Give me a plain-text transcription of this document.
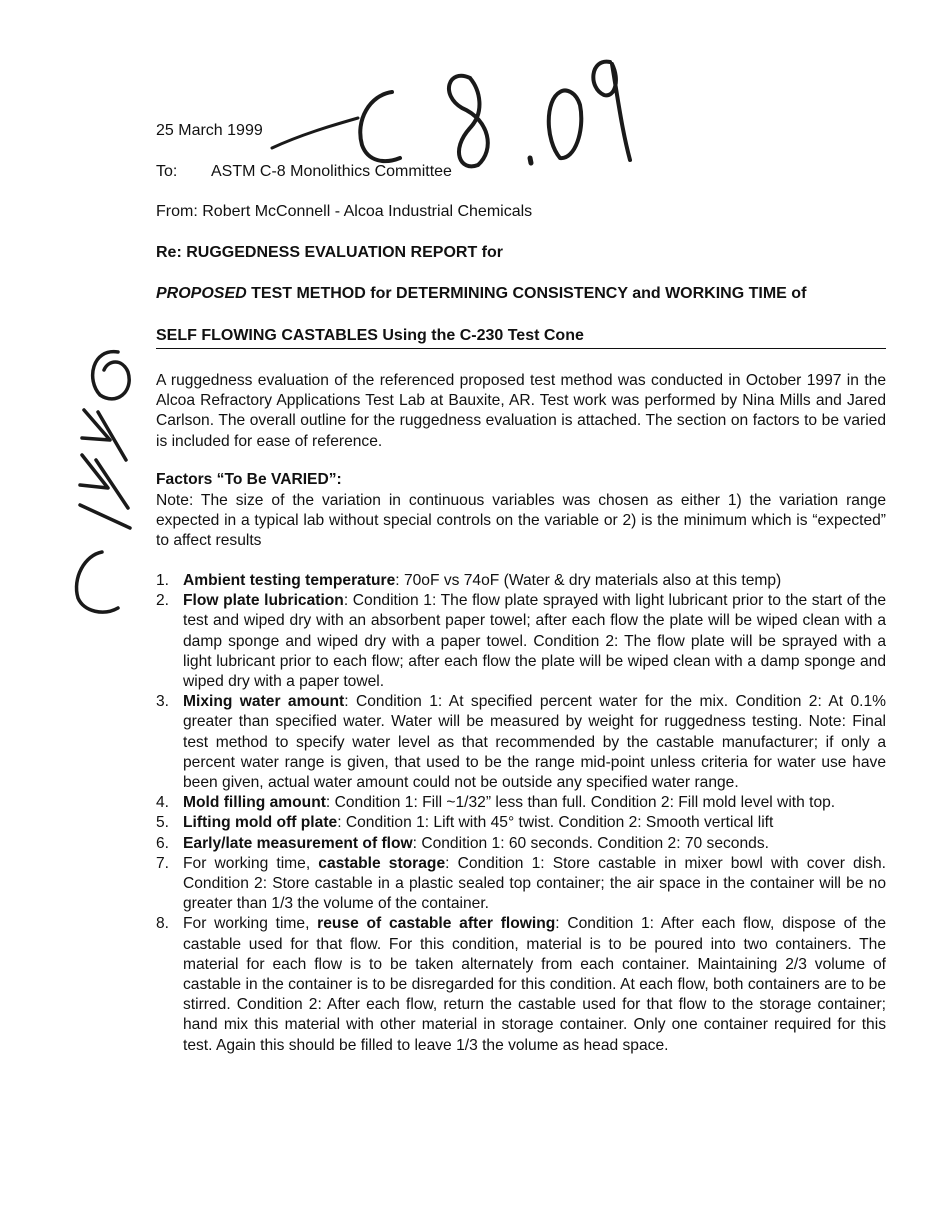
25 March 1999
To: ASTM C-8 Monolithics Committee
From: Robert McConnell - Alcoa Industrial Chemicals
Re: RUGGEDNESS EVALUATION REPORT for
PROPOSED TEST METHOD for DETERMINING CONSISTENCY and WORKING TIME of
SELF FLOWING CASTABLES Using the C-230 Test Cone
A ruggedness evaluation of the referenced proposed test method was conducted in October 1997 in the Alcoa Refractory Applications Test Lab at Bauxite, AR. Test work was performed by Nina Mills and Jared Carlson. The overall outline for the ruggedness evaluation is attached. The section on factors to be varied is included for ease of reference.
Factors “To Be VARIED”:
Note: The size of the variation in continuous variables was chosen as either 1) the variation range expected in a typical lab without special controls on the variable or 2) is the minimum which is “expected” to affect results
1. Ambient testing temperature: 70oF vs 74oF (Water & dry materials also at this temp)
2. Flow plate lubrication: Condition 1: The flow plate sprayed with light lubricant prior to the start of the test and wiped dry with an absorbent paper towel; after each flow the plate will be wiped clean with a damp sponge and wiped dry with a paper towel. Condition 2: The flow plate will be sprayed with a light lubricant prior to each flow; after each flow the plate will be wiped clean with a damp sponge and wiped dry with a paper towel.
3. Mixing water amount: Condition 1: At specified percent water for the mix. Condition 2: At 0.1% greater than specified water. Water will be measured by weight for ruggedness testing. Note: Final test method to specify water level as that recommended by the castable manufacturer; if only a percent water range is given, that used to be the range mid-point unless criteria for water use have been given, actual water amount could not be outside any specified water range.
4. Mold filling amount: Condition 1: Fill ~1/32” less than full. Condition 2: Fill mold level with top.
5. Lifting mold off plate: Condition 1: Lift with 45° twist. Condition 2: Smooth vertical lift
6. Early/late measurement of flow: Condition 1: 60 seconds. Condition 2: 70 seconds.
7. For working time, castable storage: Condition 1: Store castable in mixer bowl with cover dish. Condition 2: Store castable in a plastic sealed top container; the air space in the container will be no greater than 1/3 the volume of the container.
8. For working time, reuse of castable after flowing: Condition 1: After each flow, dispose of the castable used for that flow. For this condition, material is to be poured into two containers. The material for each flow is to be taken alternately from each container. Maintaining 2/3 volume of castable in the container is to be disregarded for this condition. At each flow, both containers are to be stirred. Condition 2: After each flow, return the castable used for that flow to the storage container; hand mix this material with other material in storage container. Only one container required for this test. Again this should be filled to leave 1/3 the volume as head space.
